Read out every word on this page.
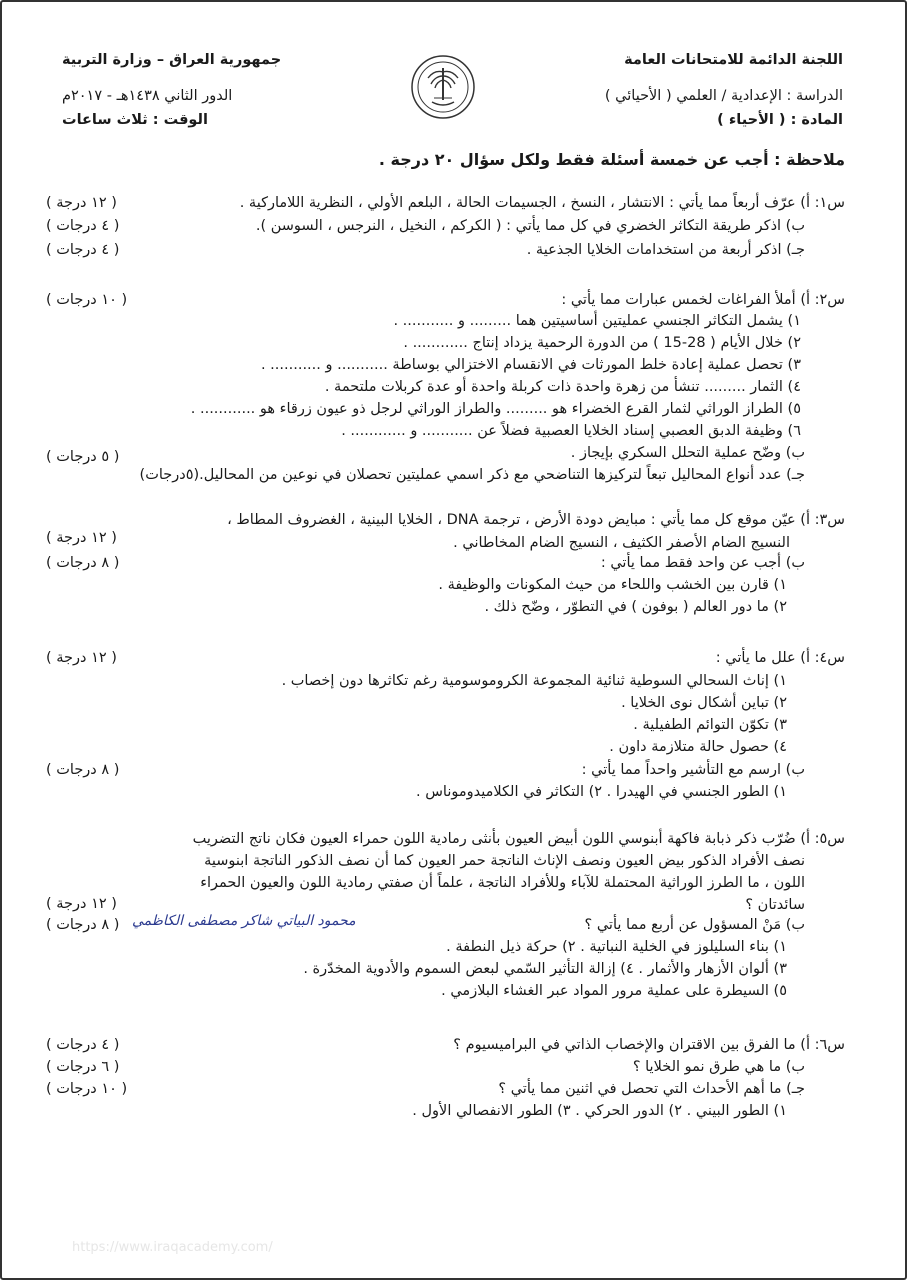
اللجنة الدائمة للامتحانات العامة
الدراسة : الإعدادية / العلمي ( الأحيائي )
المادة : ( الأحياء )
جمهورية العراق – وزارة التربية
الدور الثاني ١٤٣٨هـ - ٢٠١٧م
الوقت : ثلاث ساعات
ملاحظة : أجب عن خمسة أسئلة فقط ولكل سؤال ٢٠ درجة .
س١: أ) عرّف أربعاً مما يأتي : الانتشار ، النسخ ، الجسيمات الحالة ، البلعم الأولي ، النظرية اللامارکية .
ب) اذكر طريقة التكاثر الخضري في كل مما يأتي : ( الكركم ، النخيل ، النرجس ، السوسن ).
جـ) اذكر أربعة من استخدامات الخلايا الجذعية .
س٢: أ) أملأ الفراغات لخمس عبارات مما يأتي :
١) يشمل التكاثر الجنسي عمليتين أساسيتين هما ......... و ........... .
٢) خلال الأيام ( 28-15 ) من الدورة الرحمية يزداد إنتاج ............ .
٣) تحصل عملية إعادة خلط المورثات في الانقسام الاختزالي بوساطة ........... و ........... .
٤) الثمار ......... تنشأ من زهرة واحدة ذات كربلة واحدة أو عدة كربلات ملتحمة .
٥) الطراز الوراثي لثمار القرع الخضراء هو ......... والطراز الوراثي لرجل ذو عيون زرقاء هو ............ .
٦) وظيفة الدبق العصبي إسناد الخلايا العصبية فضلاً عن ........... و ............ .
ب) وضّح عملية التحلل السكري بإيجاز .
جـ) عدد أنواع المحاليل تبعاً لتركيزها التناضحي مع ذكر اسمي عمليتين تحصلان في نوعين من المحاليل.(٥درجات)
س٣: أ) عيّن موقع كل مما يأتي : مبايض دودة الأرض ، ترجمة DNA ، الخلايا البينية ، الغضروف المطاط ،
النسيج الضام الأصفر الكثيف ، النسيج الضام المخاطاني .
ب) أجب عن واحد فقط مما يأتي :
١) قارن بين الخشب واللحاء من حيث المكونات والوظيفة .
٢) ما دور العالم ( بوفون ) في التطوّر ، وضّح ذلك .
س٤: أ) علل ما يأتي :
١) إناث السحالي السوطية ثنائية المجموعة الكروموسومية رغم تكاثرها دون إخصاب .
٢) تباين أشكال نوى الخلايا .
٣) تكوّن التوائم الطفيلية .
٤) حصول حالة متلازمة داون .
ب) ارسم مع التأشير واحداً مما يأتي :
١) الطور الجنسي في الهيدرا . ٢) التكاثر في الكلاميدوموناس .
س٥: أ) ضُرّب ذكر ذبابة فاكهة أبنوسي اللون أبيض العيون بأنثى رمادية اللون حمراء العيون فكان ناتج التضريب
نصف الأفراد الذكور بيض العيون ونصف الإناث الناتجة حمر العيون كما أن نصف الذكور الناتجة ابنوسية
اللون ، ما الطرز الوراثية المحتملة للآباء وللأفراد الناتجة ، علماً أن صفتي رمادية اللون والعيون الحمراء
سائدتان ؟
ب) مَنْ المسؤول عن أربع مما يأتي ؟
١) بناء السليلوز في الخلية النباتية . ٢) حركة ذيل النطفة .
٣) ألوان الأزهار والأثمار . ٤) إزالة التأثير السّمي لبعض السموم والأدوية المخدّرة .
٥) السيطرة على عملية مرور المواد عبر الغشاء البلازمي .
س٦: أ) ما الفرق بين الاقتران والإخصاب الذاتي في البراميسيوم ؟
ب) ما هي طرق نمو الخلايا ؟
جـ) ما أهم الأحداث التي تحصل في اثنين مما يأتي ؟
١) الطور البيني . ٢) الدور الحركي . ٣) الطور الانفصالي الأول .
( ١٢ درجة )
( ٤ درجات )
( ٤ درجات )
( ١٠ درجات )
( ٥ درجات )
( ١٢ درجة )
( ٨ درجات )
( ١٢ درجة )
( ٨ درجات )
( ١٢ درجة )
( ٨ درجات )
( ٤ درجات )
( ٦ درجات )
( ١٠ درجات )
محمود البياتي شاكر مصطفى الكاظمي
https://www.iraqacademy.com/
